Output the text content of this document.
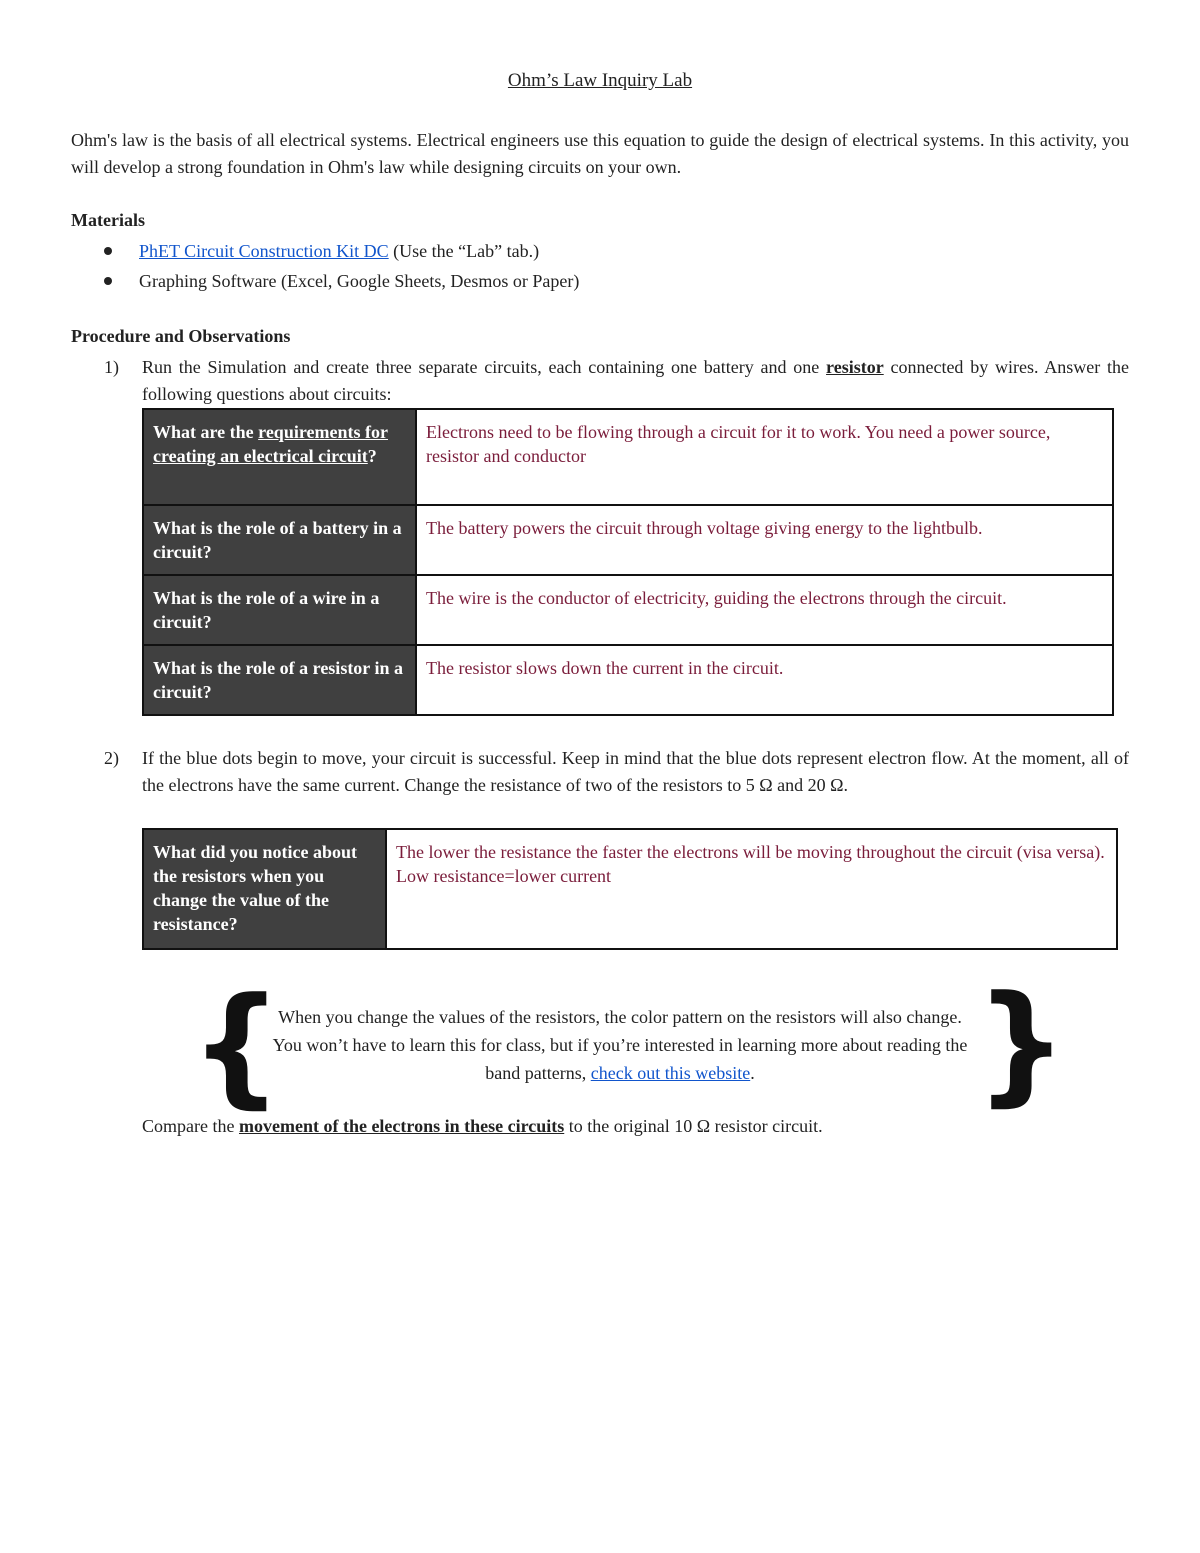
Ohm’s Law Inquiry Lab
Ohm's law is the basis of all electrical systems. Electrical engineers use this equation to guide the design of electrical systems. In this activity, you will develop a strong foundation in Ohm's law while designing circuits on your own.
Materials
PhET Circuit Construction Kit DC (Use the “Lab” tab.)
Graphing Software (Excel, Google Sheets, Desmos or Paper)
Procedure and Observations
1) Run the Simulation and create three separate circuits, each containing one battery and one resistor connected by wires. Answer the following questions about circuits:
What are the requirements for creating an electrical circuit?	Electrons need to be flowing through a circuit for it to work. You need a power source, resistor and conductor
What is the role of a battery in a circuit?	The battery powers the circuit through voltage giving energy to the lightbulb.
What is the role of a wire in a circuit?	The wire is the conductor of electricity, guiding the electrons through the circuit.
What is the role of a resistor in a circuit?	The resistor slows down the current in the circuit.
2) If the blue dots begin to move, your circuit is successful. Keep in mind that the blue dots represent electron flow. At the moment, all of the electrons have the same current. Change the resistance of two of the resistors to 5 Ω and 20 Ω.
What did you notice about the resistors when you change the value of the resistance?	The lower the resistance the faster the electrons will be moving throughout the circuit (visa versa). Low resistance=lower current
{	}
When you change the values of the resistors, the color pattern on the resistors will also change. You won’t have to learn this for class, but if you’re interested in learning more about reading the band patterns, check out this website.
Compare the movement of the electrons in these circuits to the original 10 Ω resistor circuit.
